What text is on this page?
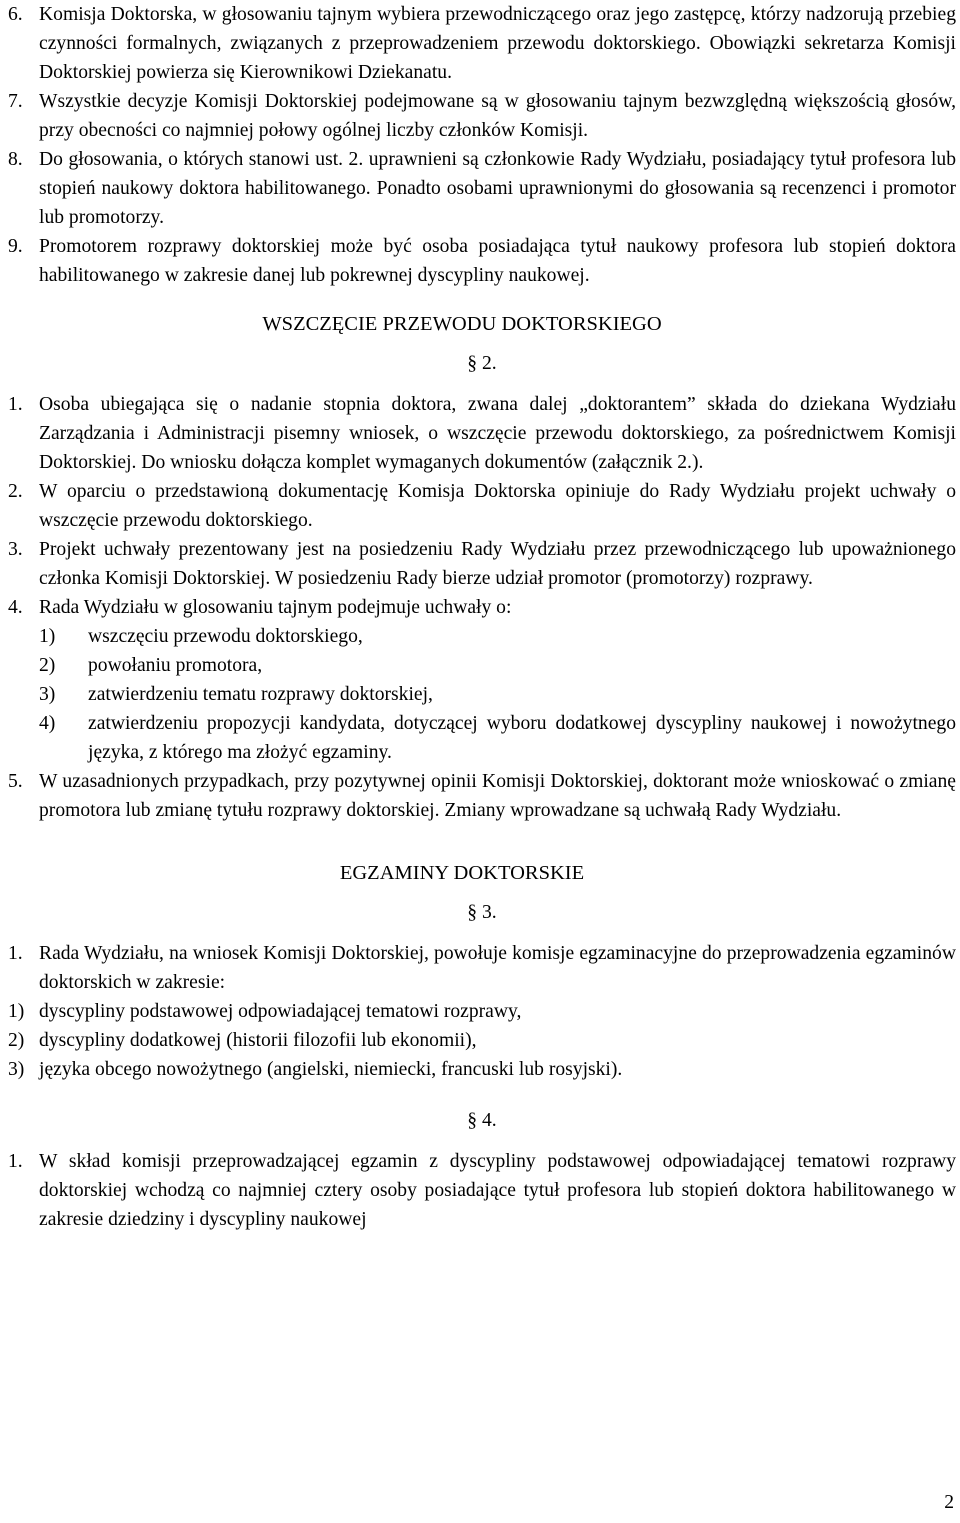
6. Komisja Doktorska, w głosowaniu tajnym wybiera przewodniczącego oraz jego zastępcę, którzy nadzorują przebieg czynności formalnych, związanych z przeprowadzeniem przewodu doktorskiego. Obowiązki sekretarza Komisji Doktorskiej powierza się Kierownikowi Dziekanatu.
7. Wszystkie decyzje Komisji Doktorskiej podejmowane są w głosowaniu tajnym bezwzględną większością głosów, przy obecności co najmniej połowy ogólnej liczby członków Komisji.
8. Do głosowania, o których stanowi ust. 2. uprawnieni są członkowie Rady Wydziału, posiadający tytuł profesora lub stopień naukowy doktora habilitowanego. Ponadto osobami uprawnionymi do głosowania są recenzenci i promotor lub promotorzy.
9. Promotorem rozprawy doktorskiej może być osoba posiadająca tytuł naukowy profesora lub stopień doktora habilitowanego w zakresie danej lub pokrewnej dyscypliny naukowej.
WSZCZĘCIE PRZEWODU DOKTORSKIEGO
§ 2.
1. Osoba ubiegająca się o nadanie stopnia doktora, zwana dalej „doktorantem” składa do dziekana Wydziału Zarządzania i Administracji pisemny wniosek, o wszczęcie przewodu doktorskiego, za pośrednictwem Komisji Doktorskiej. Do wniosku dołącza komplet wymaganych dokumentów (załącznik 2.).
2. W oparciu o przedstawioną dokumentację Komisja Doktorska opiniuje do Rady Wydziału projekt uchwały o wszczęcie przewodu doktorskiego.
3. Projekt uchwały prezentowany jest na posiedzeniu Rady Wydziału przez przewodniczącego lub upoważnionego członka Komisji Doktorskiej. W posiedzeniu Rady bierze udział promotor (promotorzy) rozprawy.
4. Rada Wydziału w glosowaniu tajnym podejmuje uchwały o:
1) wszczęciu przewodu doktorskiego,
2) powołaniu promotora,
3) zatwierdzeniu tematu rozprawy doktorskiej,
4) zatwierdzeniu propozycji kandydata, dotyczącej wyboru dodatkowej dyscypliny naukowej i nowożytnego języka, z którego ma złożyć egzaminy.
5. W uzasadnionych przypadkach, przy pozytywnej opinii Komisji Doktorskiej, doktorant może wnioskować o zmianę promotora lub zmianę tytułu rozprawy doktorskiej. Zmiany wprowadzane są uchwałą Rady Wydziału.
EGZAMINY DOKTORSKIE
§ 3.
1. Rada Wydziału, na wniosek Komisji Doktorskiej, powołuje komisje egzaminacyjne do przeprowadzenia egzaminów doktorskich w zakresie:
1) dyscypliny podstawowej odpowiadającej tematowi rozprawy,
2) dyscypliny dodatkowej (historii filozofii lub ekonomii),
3) języka obcego nowożytnego (angielski, niemiecki, francuski lub rosyjski).
§ 4.
1. W skład komisji przeprowadzającej egzamin z dyscypliny podstawowej odpowiadającej tematowi rozprawy doktorskiej wchodzą co najmniej cztery osoby posiadające tytuł profesora lub stopień doktora habilitowanego w zakresie dziedziny i dyscypliny naukowej
2
